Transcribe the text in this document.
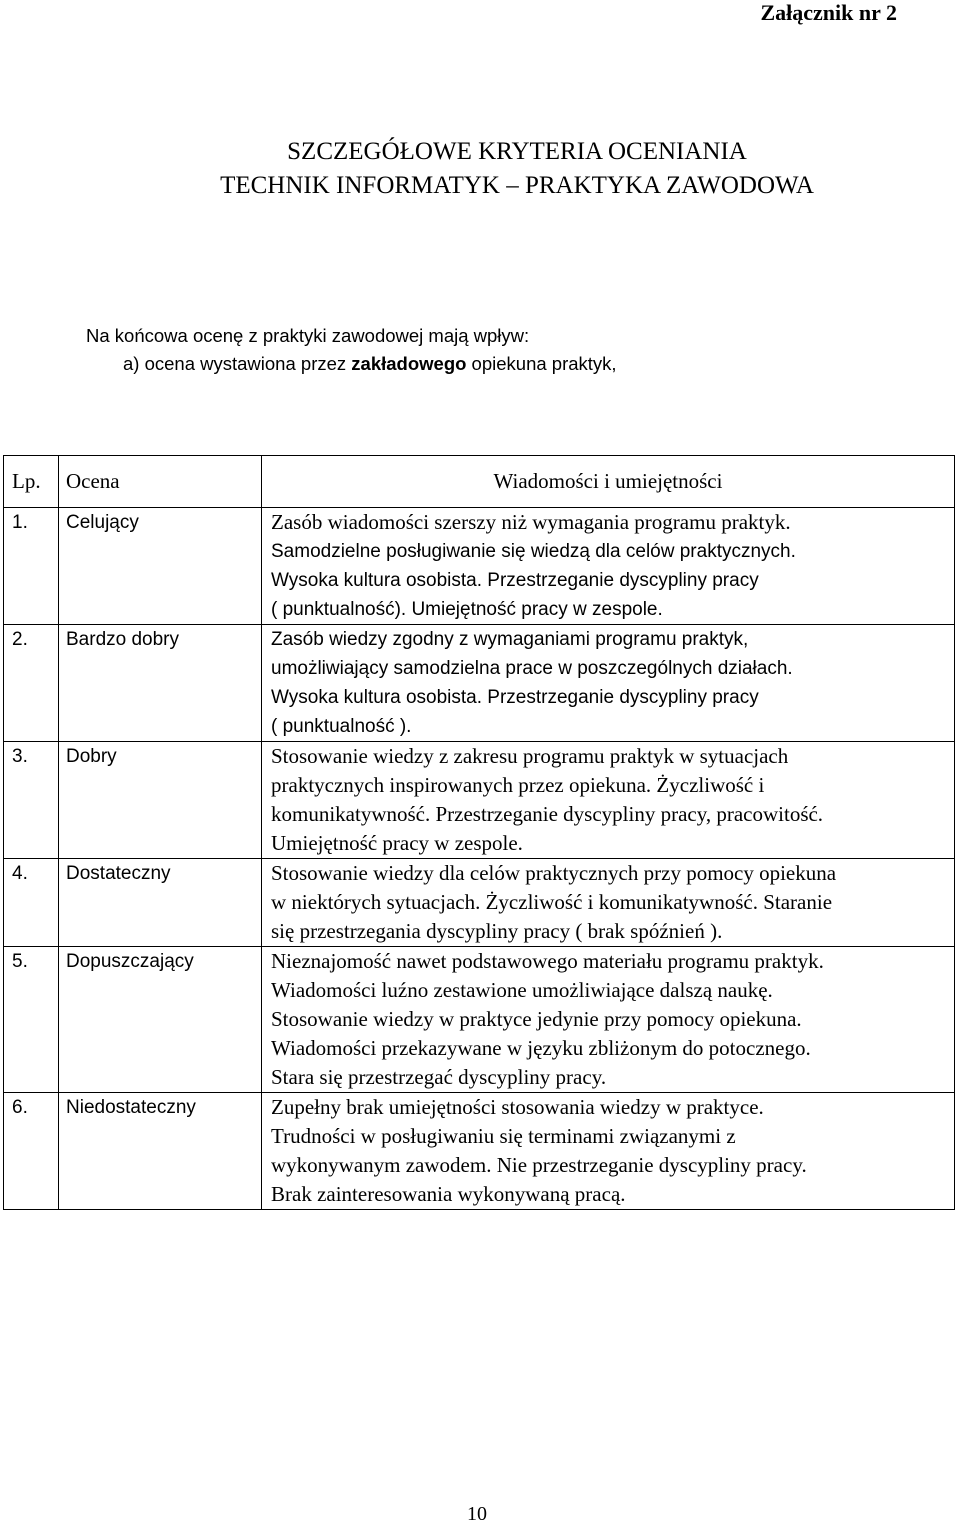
Załącznik nr 2
SZCZEGÓŁOWE KRYTERIA OCENIANIA
TECHNIK INFORMATYK – PRAKTYKA ZAWODOWA
Na końcowa ocenę z praktyki zawodowej mają wpływ:
a) ocena wystawiona przez zakładowego opiekuna praktyk,
Lp.	Ocena	Wiadomości i umiejętności
1.	Celujący	Zasób wiadomości szerszy niż wymagania programu praktyk.
Samodzielne posługiwanie się wiedzą dla celów praktycznych.
Wysoka kultura osobista. Przestrzeganie dyscypliny pracy
( punktualność). Umiejętność pracy w zespole.

2.	Bardzo dobry	Zasób wiedzy zgodny z wymaganiami programu praktyk,
umożliwiający samodzielna prace w poszczególnych działach.
Wysoka kultura osobista. Przestrzeganie dyscypliny pracy
( punktualność ).

3.	Dobry	Stosowanie wiedzy z zakresu programu praktyk w sytuacjach
praktycznych inspirowanych przez opiekuna. Życzliwość i
komunikatywność. Przestrzeganie dyscypliny pracy, pracowitość.
Umiejętność pracy w zespole.

4.	Dostateczny	Stosowanie wiedzy dla celów praktycznych przy pomocy opiekuna
w niektórych sytuacjach. Życzliwość i komunikatywność. Staranie
się przestrzegania dyscypliny pracy ( brak spóźnień ).

5.	Dopuszczający	Nieznajomość nawet podstawowego materiału programu praktyk.
Wiadomości luźno zestawione umożliwiające dalszą naukę.
Stosowanie wiedzy w praktyce jedynie przy pomocy opiekuna.
Wiadomości przekazywane w języku zbliżonym do potocznego.
Stara się przestrzegać dyscypliny pracy.

6.	Niedostateczny	Zupełny brak umiejętności stosowania wiedzy w praktyce.
Trudności w posługiwaniu się terminami związanymi z
wykonywanym zawodem. Nie przestrzeganie dyscypliny pracy.
Brak zainteresowania wykonywaną pracą.
10
